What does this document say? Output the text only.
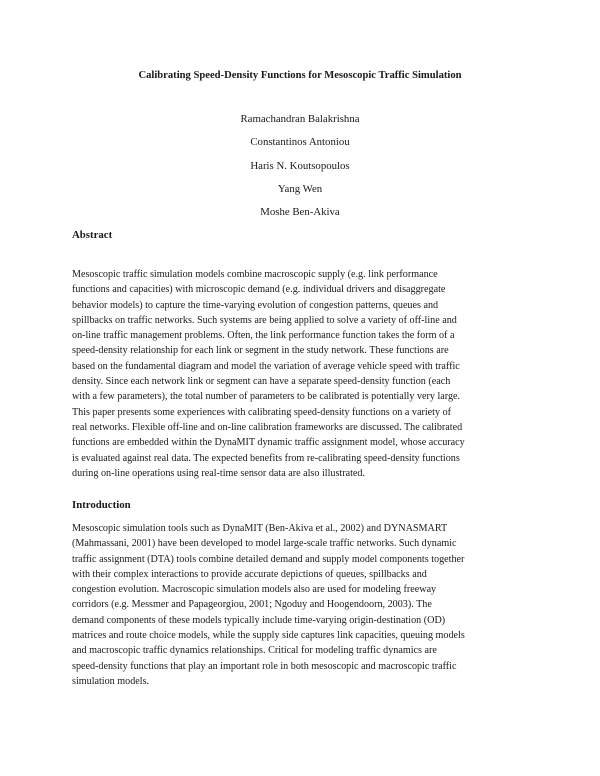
Calibrating Speed-Density Functions for Mesoscopic Traffic Simulation
Ramachandran Balakrishna
Constantinos Antoniou
Haris N. Koutsopoulos
Yang Wen
Moshe Ben-Akiva
Abstract
Mesoscopic traffic simulation models combine macroscopic supply (e.g. link performance
functions and capacities) with microscopic demand (e.g. individual drivers and disaggregate
behavior models) to capture the time-varying evolution of congestion patterns, queues and
spillbacks on traffic networks. Such systems are being applied to solve a variety of off-line and
on-line traffic management problems. Often, the link performance function takes the form of a
speed-density relationship for each link or segment in the study network. These functions are
based on the fundamental diagram and model the variation of average vehicle speed with traffic
density. Since each network link or segment can have a separate speed-density function (each
with a few parameters), the total number of parameters to be calibrated is potentially very large.
This paper presents some experiences with calibrating speed-density functions on a variety of
real networks. Flexible off-line and on-line calibration frameworks are discussed. The calibrated
functions are embedded within the DynaMIT dynamic traffic assignment model, whose accuracy
is evaluated against real data. The expected benefits from re-calibrating speed-density functions
during on-line operations using real-time sensor data are also illustrated.
Introduction
Mesoscopic simulation tools such as DynaMIT (Ben-Akiva et al., 2002) and DYNASMART
(Mahmassani, 2001) have been developed to model large-scale traffic networks. Such dynamic
traffic assignment (DTA) tools combine detailed demand and supply model components together
with their complex interactions to provide accurate depictions of queues, spillbacks and
congestion evolution. Macroscopic simulation models also are used for modeling freeway
corridors (e.g. Messmer and Papageorgiou, 2001; Ngoduy and Hoogendoorn, 2003). The
demand components of these models typically include time-varying origin-destination (OD)
matrices and route choice models, while the supply side captures link capacities, queuing models
and macroscopic traffic dynamics relationships. Critical for modeling traffic dynamics are
speed-density functions that play an important role in both mesoscopic and macroscopic traffic
simulation models.
